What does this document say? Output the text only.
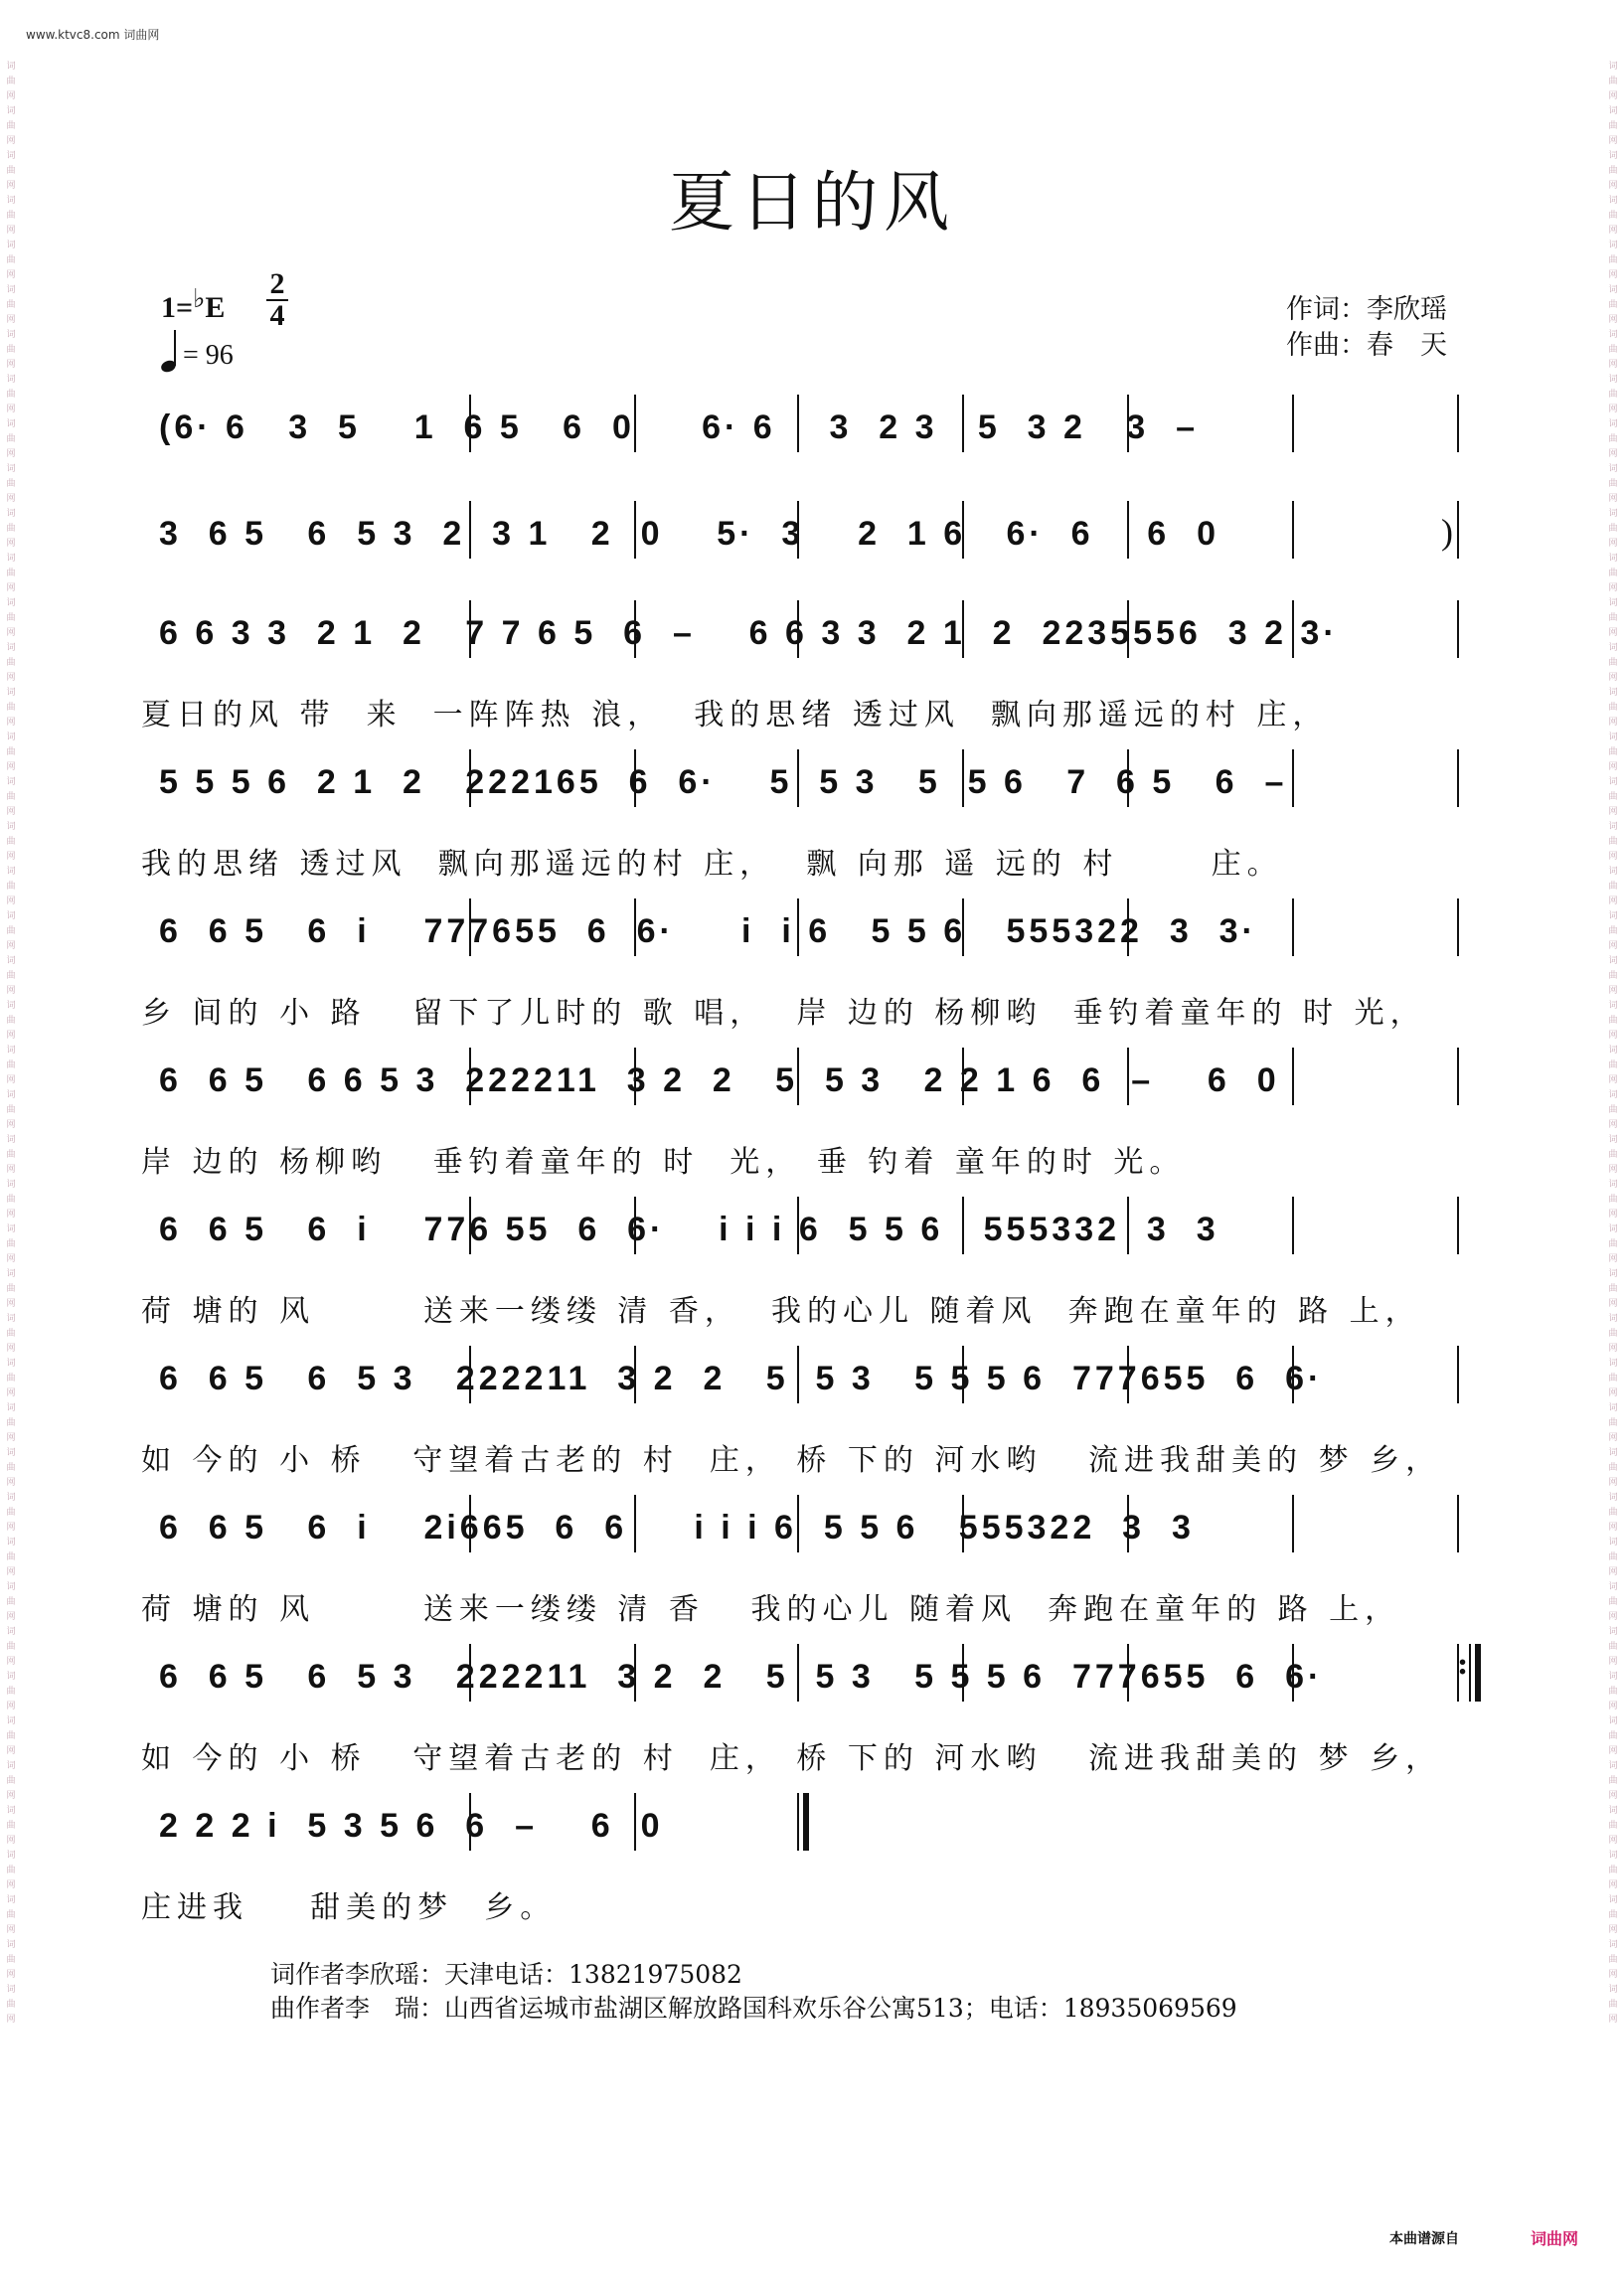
www.ktvc8.com 词曲网
词曲网词曲网词曲网词曲网词曲网词曲网词曲网词曲网词曲网词曲网词曲网词曲网词曲网词曲网词曲网词曲网词曲网词曲网词曲网词曲网词曲网词曲网词曲网词曲网词曲网词曲网词曲网词曲网词曲网词曲网词曲网词曲网词曲网词曲网词曲网词曲网词曲网词曲网词曲网词曲网词曲网词曲网词曲网词曲网
词曲网词曲网词曲网词曲网词曲网词曲网词曲网词曲网词曲网词曲网词曲网词曲网词曲网词曲网词曲网词曲网词曲网词曲网词曲网词曲网词曲网词曲网词曲网词曲网词曲网词曲网词曲网词曲网词曲网词曲网词曲网词曲网词曲网词曲网词曲网词曲网词曲网词曲网词曲网词曲网词曲网词曲网词曲网词曲网
夏日的风
1=♭E
2
4
= 96
作词：李欣瑶
作曲：春　天
(6· 6   3  5    1  6 5   6  0     6· 6    3  2 3   5  3 2   3  –
3  6 5   6  5 3  2  3 1   2  0    5·  3    2  1 6   6·  6    6  0	)
6 6 3 3  2 1  2   7 7 6 5  6  –    6 6 3 3  2 1  2  2235556  3 2 3·
夏日的风 带  来  一阵阵热 浪，  我的思绪 透过风  飘向那遥远的村 庄，
5 5 5 6  2 1  2   222165  6  6·    5  5 3   5  5 6   7  6 5   6  –
我的思绪 透过风  飘向那遥远的村 庄，  飘 向那 遥 远的 村      庄。
6  6 5   6  i    777655  6  6·     i  i 6   5 5 6   555322  3  3·
乡 间的 小 路   留下了儿时的 歌 唱，  岸 边的 杨柳哟  垂钓着童年的 时 光，
6  6 5   6 6 5 3  222211  3 2  2   5  5 3   2 2 1 6  6  –    6  0
岸 边的 杨柳哟   垂钓着童年的 时  光， 垂 钓着 童年的时 光。
6  6 5   6  i    776 55  6  6·    i i i 6  5 5 6   555332  3  3
荷 塘的 风       送来一缕缕 清 香，  我的心儿 随着风  奔跑在童年的 路 上，
6  6 5   6  5 3   222211  3 2  2   5  5 3   5 5 5 6  777655  6  6·
如 今的 小 桥   守望着古老的 村  庄， 桥 下的 河水哟   流进我甜美的 梦 乡，
6  6 5   6  i    2i665  6  6     i i i 6  5 5 6   555322  3  3
荷 塘的 风       送来一缕缕 清 香   我的心儿 随着风  奔跑在童年的 路 上，
:
6  6 5   6  5 3   222211  3 2  2   5  5 3   5 5 5 6  777655  6  6·
如 今的 小 桥   守望着古老的 村  庄， 桥 下的 河水哟   流进我甜美的 梦 乡，
2 2 2 i  5 3 5 6  6  –    6  0
庄进我    甜美的梦  乡。
词作者李欣瑶：天津电话：13821975082
曲作者李　瑞：山西省运城市盐湖区解放路国科欢乐谷公寓513；电话：18935069569
本曲谱源自	词曲网
